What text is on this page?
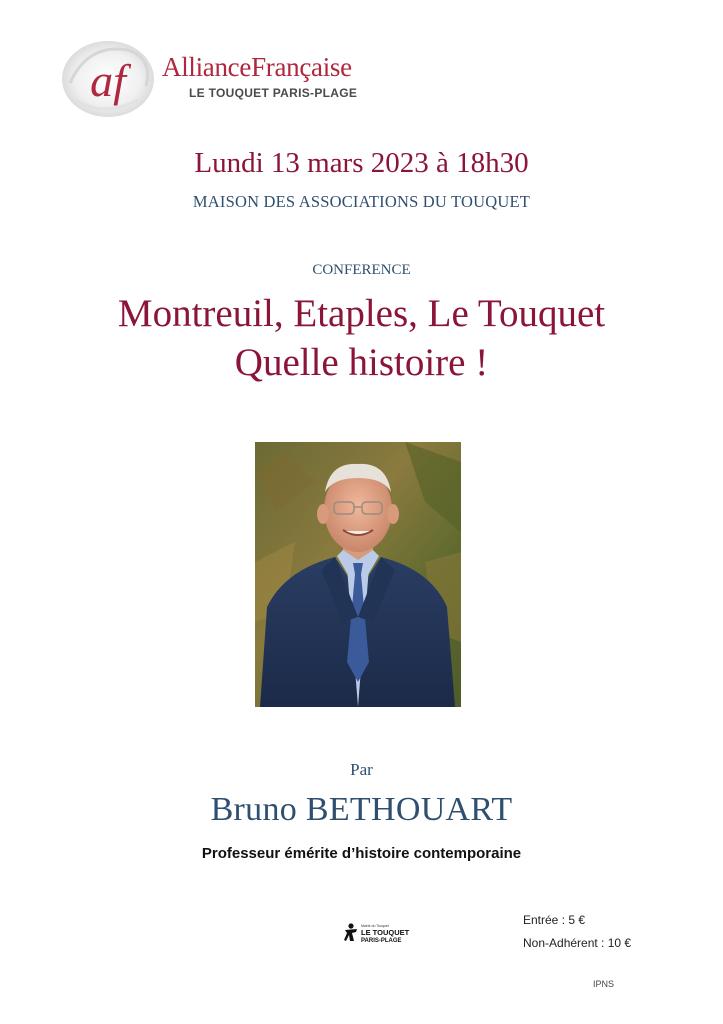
af AllianceFrançaise
LE TOUQUET PARIS-PLAGE
Lundi 13 mars 2023 à 18h30
MAISON DES ASSOCIATIONS DU TOUQUET
CONFERENCE
Montreuil, Etaples, Le Touquet
Quelle histoire !
Par
Bruno BETHOUART
Professeur émérite d’histoire contemporaine
Mairie du Touquet
LE TOUQUET
PARIS-PLAGE
Entrée : 5 €
Non-Adhérent : 10 €
IPNS
